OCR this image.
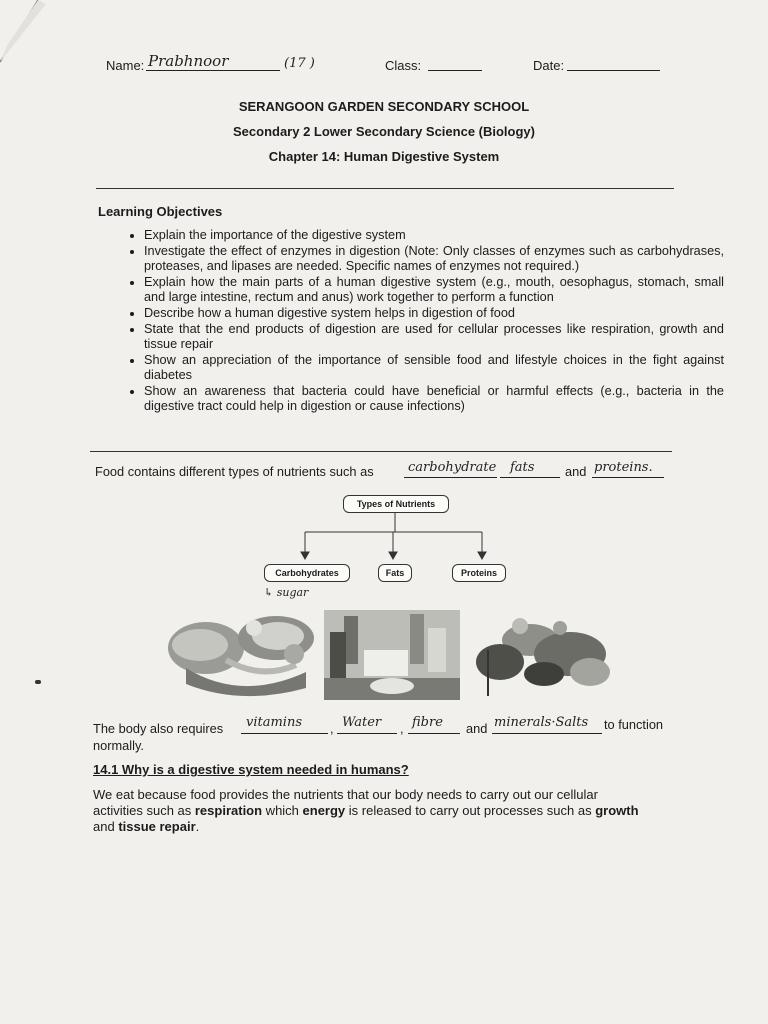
Name: Prabhnoor	(17 )	Class:	Date:
SERANGOON GARDEN SECONDARY SCHOOL
Secondary 2 Lower Secondary Science (Biology)
Chapter 14: Human Digestive System
Learning Objectives
• Explain the importance of the digestive system
• Investigate the effect of enzymes in digestion (Note: Only classes of enzymes such as carbohydrases, proteases, and lipases are needed. Specific names of enzymes not required.)
• Explain how the main parts of a human digestive system (e.g., mouth, oesophagus, stomach, small and large intestine, rectum and anus) work together to perform a function
• Describe how a human digestive system helps in digestion of food
• State that the end products of digestion are used for cellular processes like respiration, growth and tissue repair
• Show an appreciation of the importance of sensible food and lifestyle choices in the fight against diabetes
• Show an awareness that bacteria could have beneficial or harmful effects (e.g., bacteria in the digestive tract could help in digestion or cause infections)
Food contains different types of nutrients such as	carbohydrate fats and proteins.
Types of Nutrients
Carbohydrates	Fats	Proteins
↳ sugar
The body also requires vitamins , Water , fibre and minerals·Salts to function
normally.
14.1 Why is a digestive system needed in humans?
We eat because food provides the nutrients that our body needs to carry out our cellular
activities such as respiration which energy is released to carry out processes such as growth
and tissue repair.
